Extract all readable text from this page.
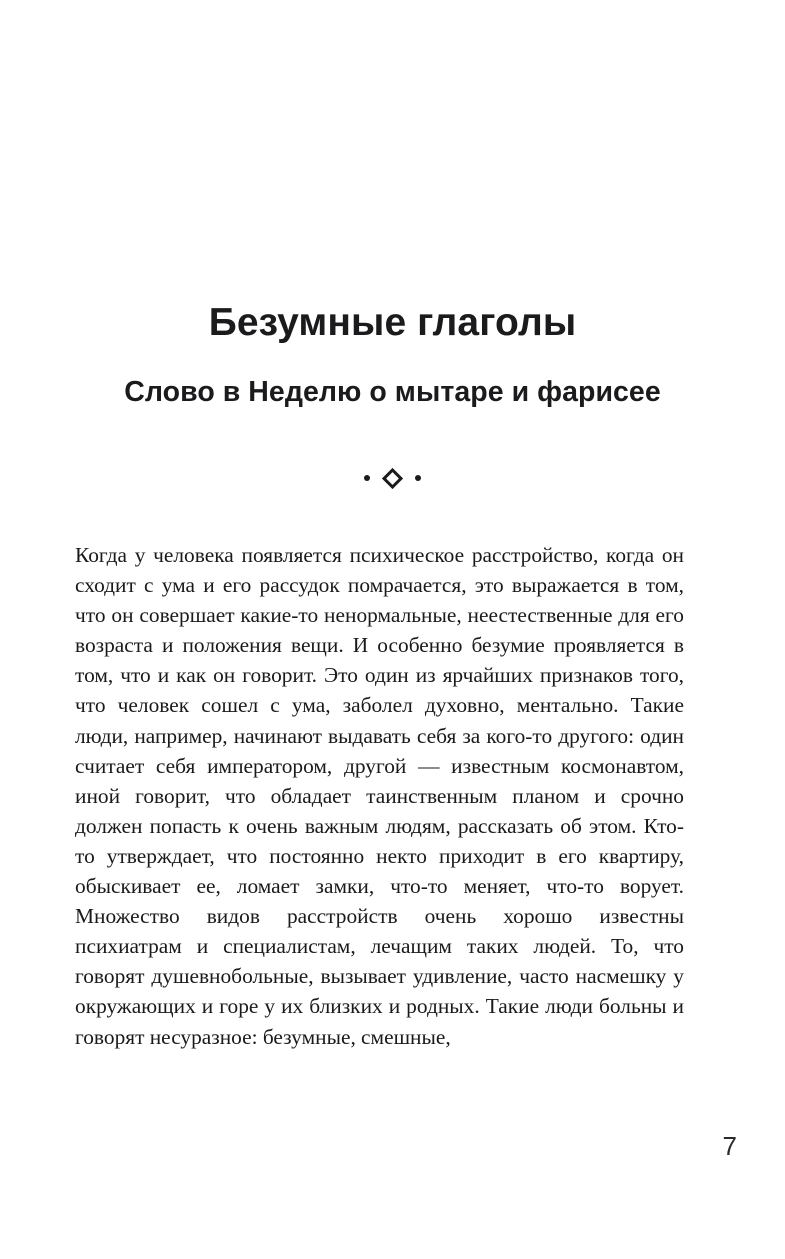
Безумные глаголы
Слово в Неделю о мытаре и фарисее

Когда у человека появляется психическое расстройство, когда он сходит с ума и его рассудок помрачается, это выражается в том, что он совершает какие-то ненормальные, неестественные для его возраста и положения вещи. И особенно безумие проявляется в том, что и как он говорит. Это один из ярчайших признаков того, что человек сошел с ума, заболел духовно, ментально. Такие люди, например, начинают выдавать себя за кого-то другого: один считает себя императором, другой — известным космонавтом, иной говорит, что обладает таинственным планом и срочно должен попасть к очень важным людям, рассказать об этом. Кто-то утверждает, что постоянно некто приходит в его квартиру, обыскивает ее, ломает замки, что-то меняет, что-то ворует. Множество видов расстройств очень хорошо известны психиатрам и специалистам, лечащим таких людей. То, что говорят душевнобольные, вызывает удивление, часто насмешку у окружающих и горе у их близких и родных. Такие люди больны и говорят несуразное: безумные, смешные,

7
